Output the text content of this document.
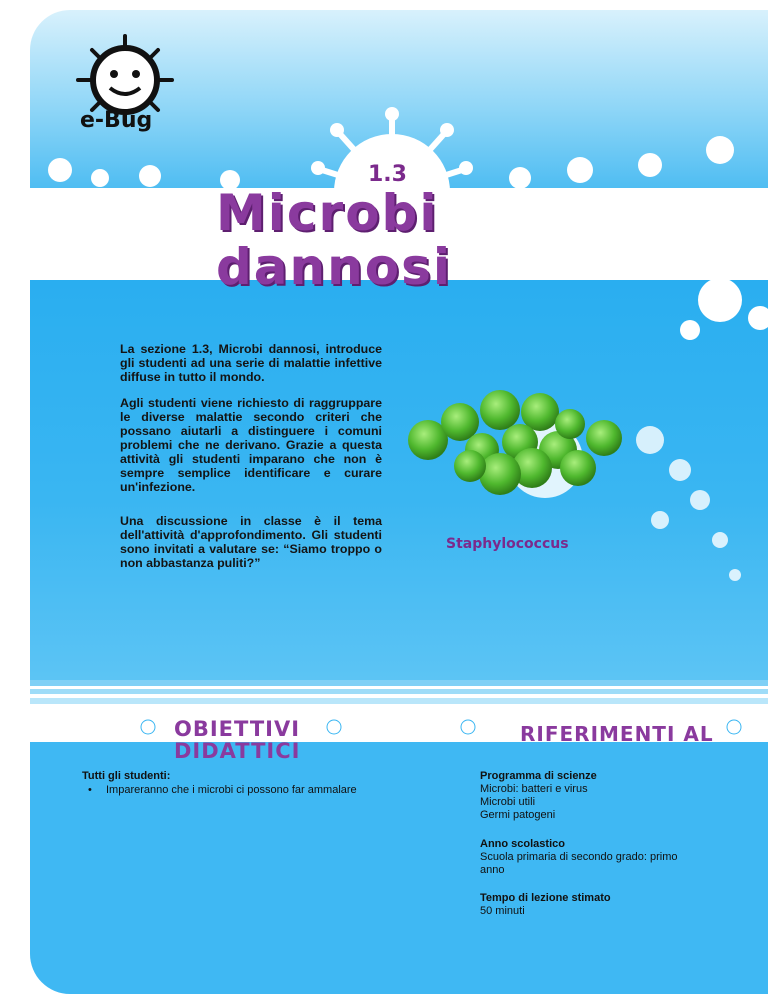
e-Bug
1.3
Microbi
dannosi

La sezione 1.3, Microbi dannosi, introduce gli studenti ad una serie di malattie infettive diffuse in tutto il mondo.

Agli studenti viene richiesto di raggruppare le diverse malattie secondo criteri che possano aiutarli a distinguere i comuni problemi che ne derivano. Grazie a questa attività gli studenti imparano che non è sempre semplice identificare e curare un'infezione.

Una discussione in classe è il tema dell'attività d'approfondimento. Gli studenti sono invitati a valutare se: “Siamo troppo o non abbastanza puliti?”

Staphylococcus
OBIETTIVI
DIDATTICI
Tutti gli studenti:
• Impareranno che i microbi ci possono far ammalare
RIFERIMENTI AL
Programma di scienze
Microbi: batteri e virus
Microbi utili
Germi patogeni
Anno scolastico
Scuola primaria di secondo grado: primo anno
Tempo di lezione stimato
50 minuti
